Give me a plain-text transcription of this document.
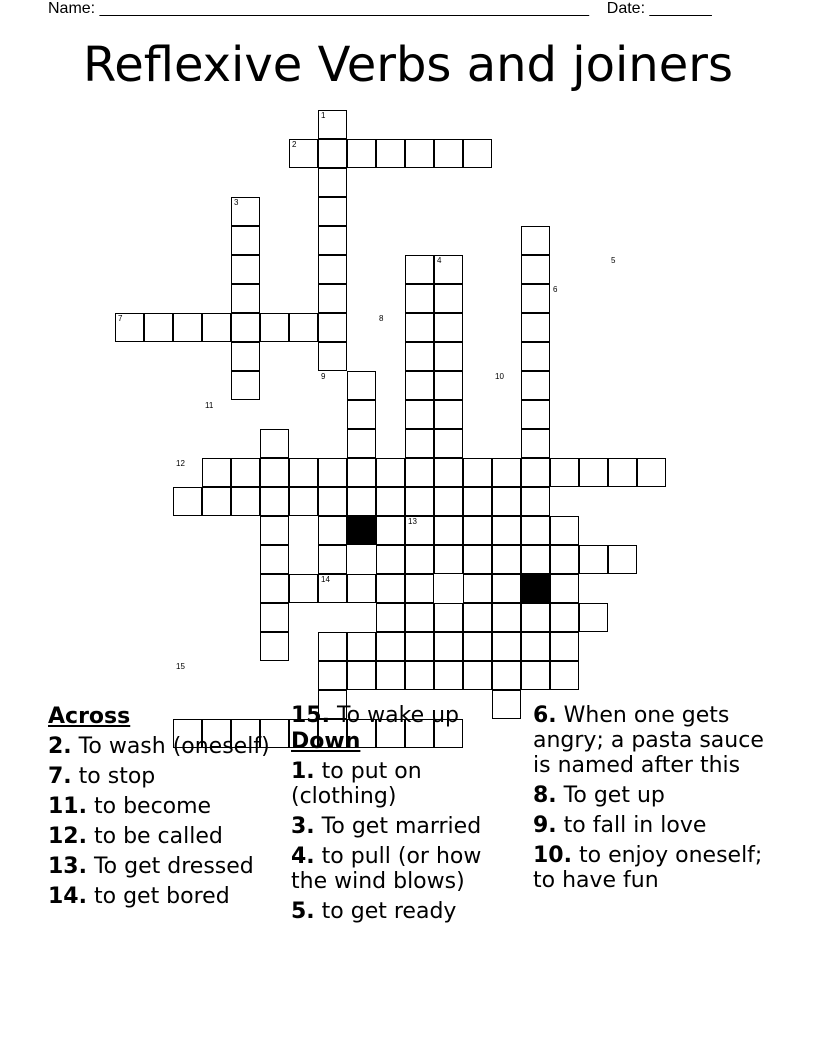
Name: _______________________________________________________ Date: _______
Reflexive Verbs and joiners
1
2
3
4	5
6
7	8
9	10
11
12
13
14
15
Across
2. To wash (oneself)
7. to stop
11. to become
12. to be called
13. To get dressed
14. to get bored
15. To wake up
Down
1. to put on (clothing)
3. To get married
4. to pull (or how the wind blows)
5. to get ready
6. When one gets angry; a pasta sauce is named after this
8. To get up
9. to fall in love
10. to enjoy oneself; to have fun
